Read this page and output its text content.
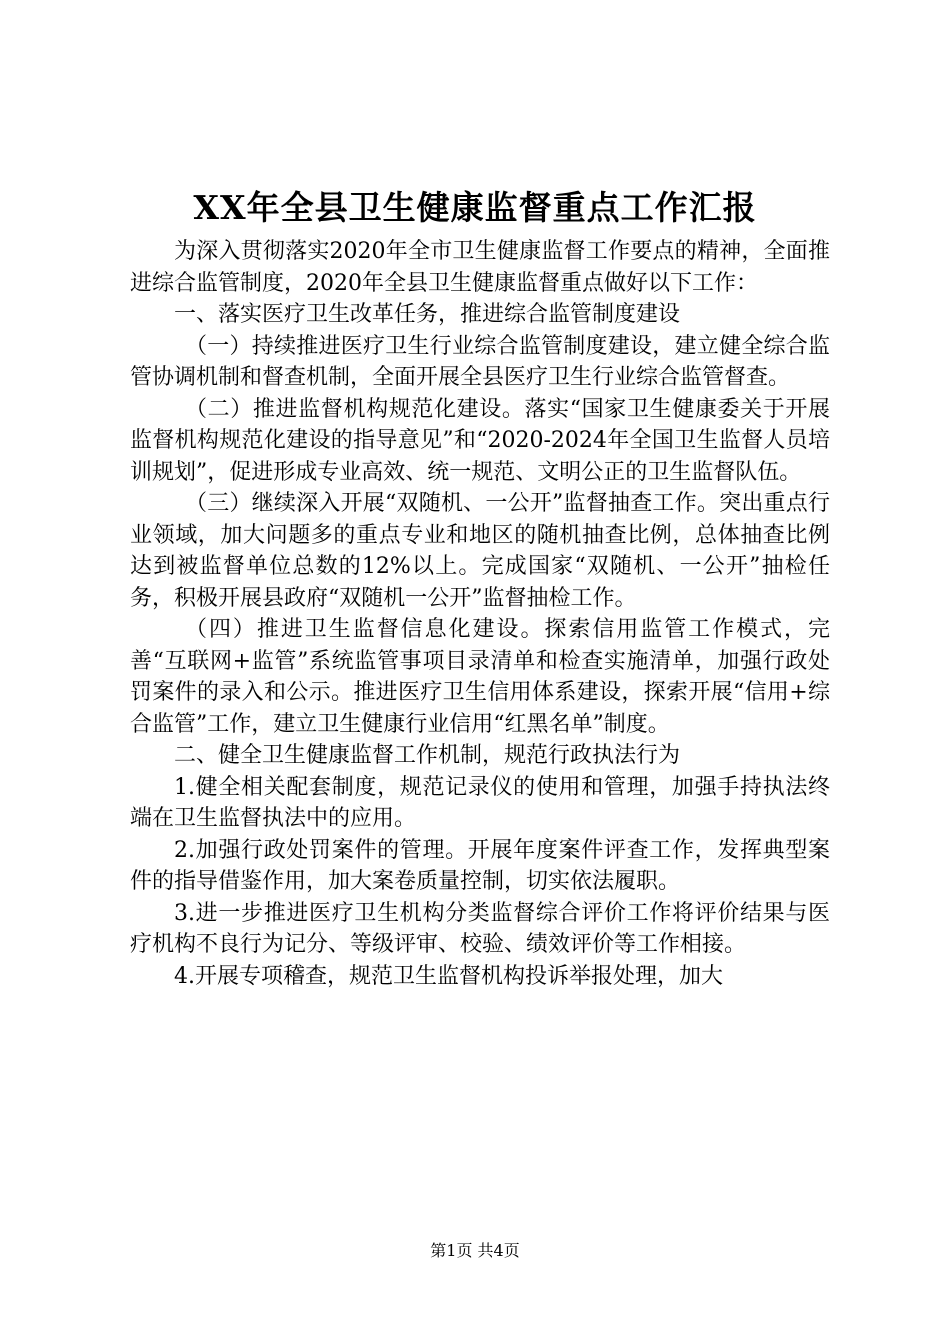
XX年全县卫生健康监督重点工作汇报

为深入贯彻落实2020年全市卫生健康监督工作要点的精神，全面推进综合监管制度，2020年全县卫生健康监督重点做好以下工作：

一、落实医疗卫生改革任务，推进综合监管制度建设

（一）持续推进医疗卫生行业综合监管制度建设，建立健全综合监管协调机制和督查机制，全面开展全县医疗卫生行业综合监管督查。

（二）推进监督机构规范化建设。落实“国家卫生健康委关于开展监督机构规范化建设的指导意见”和“2020-2024年全国卫生监督人员培训规划”，促进形成专业高效、统一规范、文明公正的卫生监督队伍。

（三）继续深入开展“双随机、一公开”监督抽查工作。突出重点行业领域，加大问题多的重点专业和地区的随机抽查比例，总体抽查比例达到被监督单位总数的12%以上。完成国家“双随机、一公开”抽检任务，积极开展县政府“双随机一公开”监督抽检工作。

（四）推进卫生监督信息化建设。探索信用监管工作模式，完善“互联网+监管”系统监管事项目录清单和检查实施清单，加强行政处罚案件的录入和公示。推进医疗卫生信用体系建设，探索开展“信用+综合监管”工作，建立卫生健康行业信用“红黑名单”制度。

二、健全卫生健康监督工作机制，规范行政执法行为

1.健全相关配套制度，规范记录仪的使用和管理，加强手持执法终端在卫生监督执法中的应用。

2.加强行政处罚案件的管理。开展年度案件评查工作，发挥典型案件的指导借鉴作用，加大案卷质量控制，切实依法履职。

3.进一步推进医疗卫生机构分类监督综合评价工作将评价结果与医疗机构不良行为记分、等级评审、校验、绩效评价等工作相接。

4.开展专项稽查，规范卫生监督机构投诉举报处理，加大

第1页 共4页
